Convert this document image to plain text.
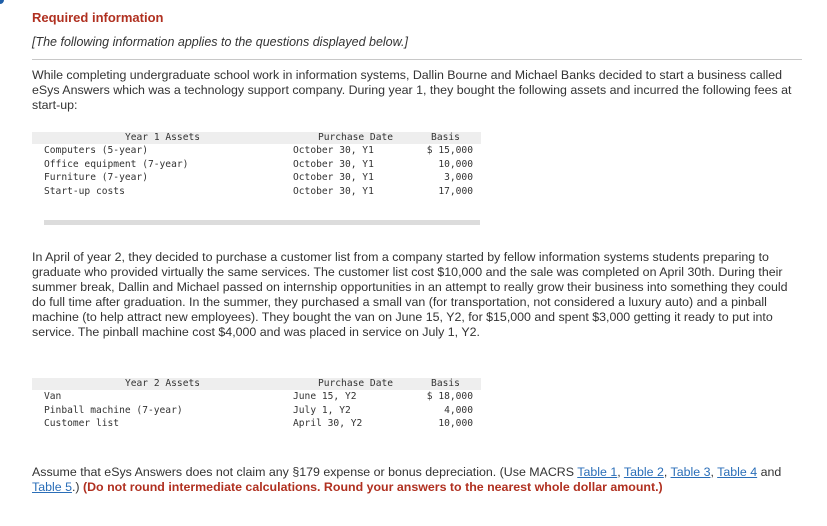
Required information

[The following information applies to the questions displayed below.]

While completing undergraduate school work in information systems, Dallin Bourne and Michael Banks decided to start a business called eSys Answers which was a technology support company. During year 1, they bought the following assets and incurred the following fees at start-up:

Year 1 Assets	Purchase Date	Basis
Computers (5-year)	October 30, Y1	$ 15,000
Office equipment (7-year)	October 30, Y1	10,000
Furniture (7-year)	October 30, Y1	3,000
Start-up costs	October 30, Y1	17,000

In April of year 2, they decided to purchase a customer list from a company started by fellow information systems students preparing to graduate who provided virtually the same services. The customer list cost $10,000 and the sale was completed on April 30th. During their summer break, Dallin and Michael passed on internship opportunities in an attempt to really grow their business into something they could do full time after graduation. In the summer, they purchased a small van (for transportation, not considered a luxury auto) and a pinball machine (to help attract new employees). They bought the van on June 15, Y2, for $15,000 and spent $3,000 getting it ready to put into service. The pinball machine cost $4,000 and was placed in service on July 1, Y2.

Year 2 Assets	Purchase Date	Basis
Van	June 15, Y2	$ 18,000
Pinball machine (7-year)	July 1, Y2	4,000
Customer list	April 30, Y2	10,000

Assume that eSys Answers does not claim any §179 expense or bonus depreciation. (Use MACRS Table 1, Table 2, Table 3, Table 4 and Table 5.) (Do not round intermediate calculations. Round your answers to the nearest whole dollar amount.)
